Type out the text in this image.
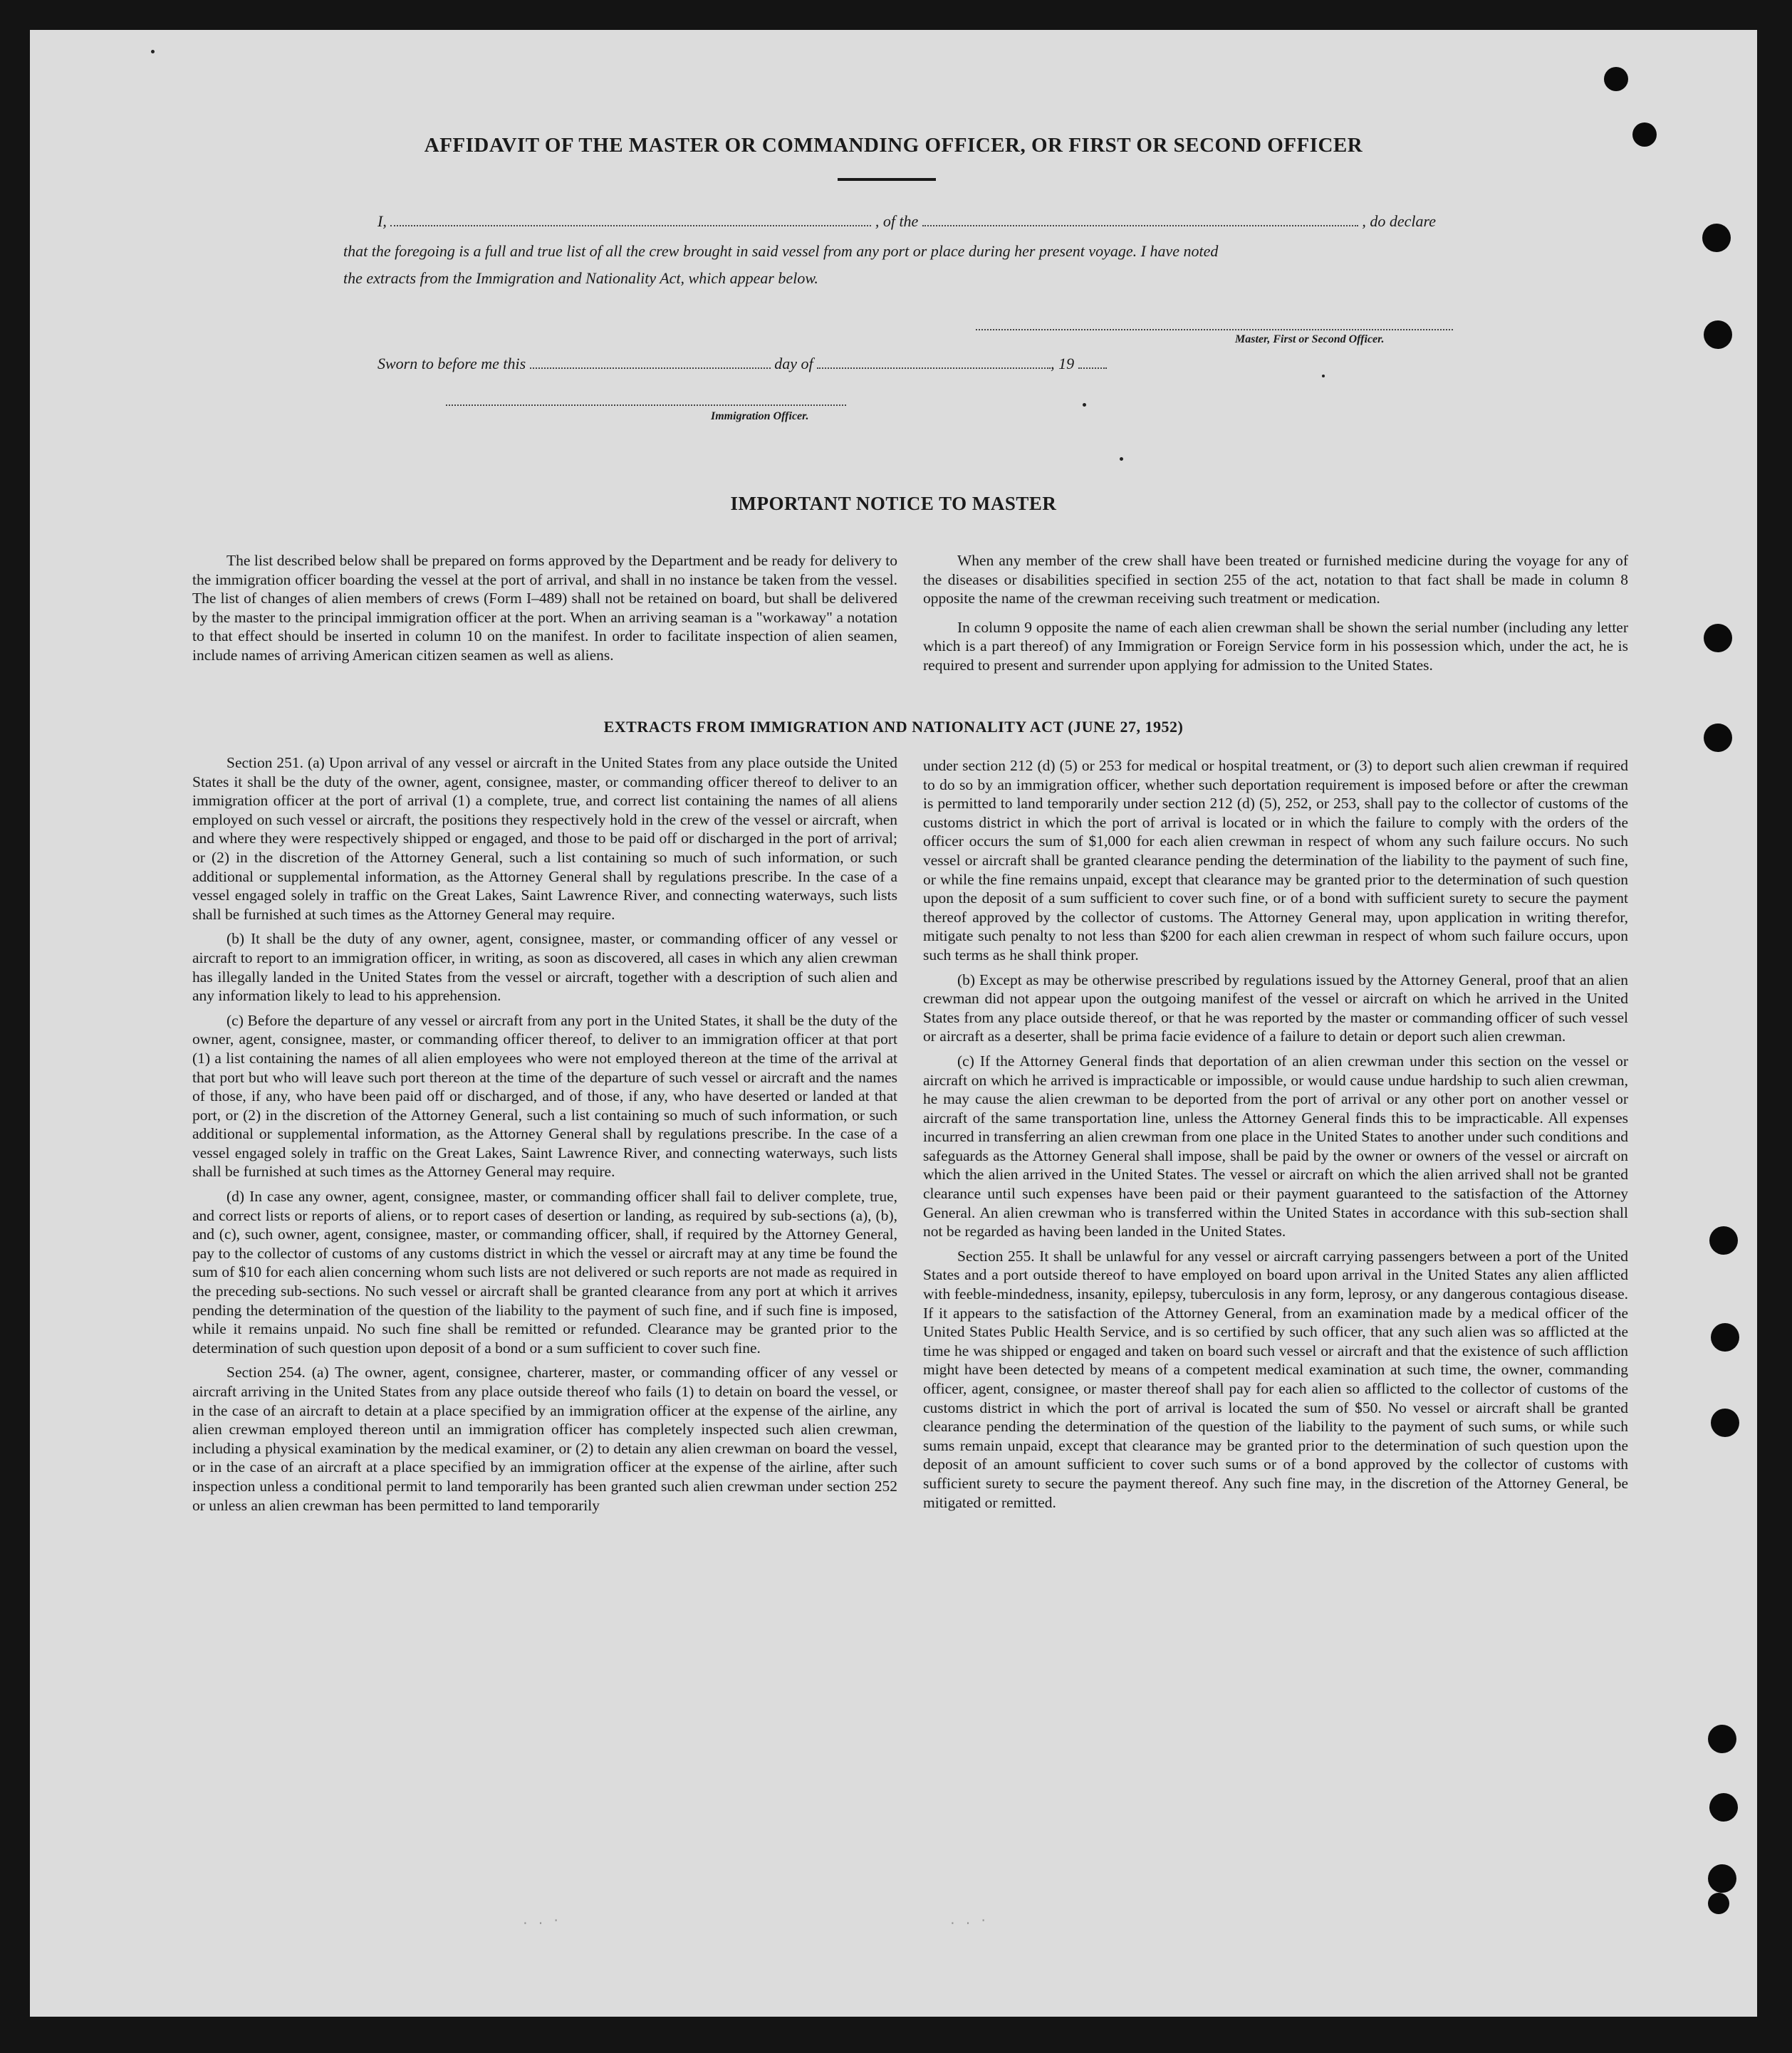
AFFIDAVIT OF THE MASTER OR COMMANDING OFFICER, OR FIRST OR SECOND OFFICER
I,	, of the	, do declare
that the foregoing is a full and true list of all the crew brought in said vessel from any port or place during her present voyage. I have noted
the extracts from the Immigration and Nationality Act, which appear below.
Master, First or Second Officer.
Sworn to before me this	day of	, 19
Immigration Officer.
IMPORTANT NOTICE TO MASTER

The list described below shall be prepared on forms approved by the Department and be ready for delivery to the immigration officer boarding the vessel at the port of arrival, and shall in no instance be taken from the vessel. The list of changes of alien members of crews (Form I–489) shall not be retained on board, but shall be delivered by the master to the principal immigration officer at the port. When an arriving seaman is a "workaway" a notation to that effect should be inserted in column 10 on the manifest. In order to facilitate inspection of alien seamen, include names of arriving American citizen seamen as well as aliens.

When any member of the crew shall have been treated or furnished medicine during the voyage for any of the diseases or disabilities specified in section 255 of the act, notation to that fact shall be made in column 8 opposite the name of the crewman receiving such treatment or medication.

In column 9 opposite the name of each alien crewman shall be shown the serial number (including any letter which is a part thereof) of any Immigration or Foreign Service form in his possession which, under the act, he is required to present and surrender upon applying for admission to the United States.

EXTRACTS FROM IMMIGRATION AND NATIONALITY ACT (JUNE 27, 1952)

Section 251. (a) Upon arrival of any vessel or aircraft in the United States from any place outside the United States it shall be the duty of the owner, agent, consignee, master, or commanding officer thereof to deliver to an immigration officer at the port of arrival (1) a complete, true, and correct list containing the names of all aliens employed on such vessel or aircraft, the positions they respectively hold in the crew of the vessel or aircraft, when and where they were respectively shipped or engaged, and those to be paid off or discharged in the port of arrival; or (2) in the discretion of the Attorney General, such a list containing so much of such information, or such additional or supplemental information, as the Attorney General shall by regulations prescribe. In the case of a vessel engaged solely in traffic on the Great Lakes, Saint Lawrence River, and connecting waterways, such lists shall be furnished at such times as the Attorney General may require.

(b) It shall be the duty of any owner, agent, consignee, master, or commanding officer of any vessel or aircraft to report to an immigration officer, in writing, as soon as discovered, all cases in which any alien crewman has illegally landed in the United States from the vessel or aircraft, together with a description of such alien and any information likely to lead to his apprehension.

(c) Before the departure of any vessel or aircraft from any port in the United States, it shall be the duty of the owner, agent, consignee, master, or commanding officer thereof, to deliver to an immigration officer at that port (1) a list containing the names of all alien employees who were not employed thereon at the time of the arrival at that port but who will leave such port thereon at the time of the departure of such vessel or aircraft and the names of those, if any, who have been paid off or discharged, and of those, if any, who have deserted or landed at that port, or (2) in the discretion of the Attorney General, such a list containing so much of such information, or such additional or supplemental information, as the Attorney General shall by regulations prescribe. In the case of a vessel engaged solely in traffic on the Great Lakes, Saint Lawrence River, and connecting waterways, such lists shall be furnished at such times as the Attorney General may require.

(d) In case any owner, agent, consignee, master, or commanding officer shall fail to deliver complete, true, and correct lists or reports of aliens, or to report cases of desertion or landing, as required by sub-sections (a), (b), and (c), such owner, agent, consignee, master, or commanding officer, shall, if required by the Attorney General, pay to the collector of customs of any customs district in which the vessel or aircraft may at any time be found the sum of $10 for each alien concerning whom such lists are not delivered or such reports are not made as required in the preceding sub-sections. No such vessel or aircraft shall be granted clearance from any port at which it arrives pending the determination of the question of the liability to the payment of such fine, and if such fine is imposed, while it remains unpaid. No such fine shall be remitted or refunded. Clearance may be granted prior to the determination of such question upon deposit of a bond or a sum sufficient to cover such fine.

Section 254. (a) The owner, agent, consignee, charterer, master, or commanding officer of any vessel or aircraft arriving in the United States from any place outside thereof who fails (1) to detain on board the vessel, or in the case of an aircraft to detain at a place specified by an immigration officer at the expense of the airline, any alien crewman employed thereon until an immigration officer has completely inspected such alien crewman, including a physical examination by the medical examiner, or (2) to detain any alien crewman on board the vessel, or in the case of an aircraft at a place specified by an immigration officer at the expense of the airline, after such inspection unless a conditional permit to land temporarily has been granted such alien crewman under section 252 or unless an alien crewman has been permitted to land temporarily

under section 212 (d) (5) or 253 for medical or hospital treatment, or (3) to deport such alien crewman if required to do so by an immigration officer, whether such deportation requirement is imposed before or after the crewman is permitted to land temporarily under section 212 (d) (5), 252, or 253, shall pay to the collector of customs of the customs district in which the port of arrival is located or in which the failure to comply with the orders of the officer occurs the sum of $1,000 for each alien crewman in respect of whom any such failure occurs. No such vessel or aircraft shall be granted clearance pending the determination of the liability to the payment of such fine, or while the fine remains unpaid, except that clearance may be granted prior to the determination of such question upon the deposit of a sum sufficient to cover such fine, or of a bond with sufficient surety to secure the payment thereof approved by the collector of customs. The Attorney General may, upon application in writing therefor, mitigate such penalty to not less than $200 for each alien crewman in respect of whom such failure occurs, upon such terms as he shall think proper.

(b) Except as may be otherwise prescribed by regulations issued by the Attorney General, proof that an alien crewman did not appear upon the outgoing manifest of the vessel or aircraft on which he arrived in the United States from any place outside thereof, or that he was reported by the master or commanding officer of such vessel or aircraft as a deserter, shall be prima facie evidence of a failure to detain or deport such alien crewman.

(c) If the Attorney General finds that deportation of an alien crewman under this section on the vessel or aircraft on which he arrived is impracticable or impossible, or would cause undue hardship to such alien crewman, he may cause the alien crewman to be deported from the port of arrival or any other port on another vessel or aircraft of the same transportation line, unless the Attorney General finds this to be impracticable. All expenses incurred in transferring an alien crewman from one place in the United States to another under such conditions and safeguards as the Attorney General shall impose, shall be paid by the owner or owners of the vessel or aircraft on which the alien arrived in the United States. The vessel or aircraft on which the alien arrived shall not be granted clearance until such expenses have been paid or their payment guaranteed to the satisfaction of the Attorney General. An alien crewman who is transferred within the United States in accordance with this sub-section shall not be regarded as having been landed in the United States.

Section 255. It shall be unlawful for any vessel or aircraft carrying passengers between a port of the United States and a port outside thereof to have employed on board upon arrival in the United States any alien afflicted with feeble-mindedness, insanity, epilepsy, tuberculosis in any form, leprosy, or any dangerous contagious disease. If it appears to the satisfaction of the Attorney General, from an examination made by a medical officer of the United States Public Health Service, and is so certified by such officer, that any such alien was so afflicted at the time he was shipped or engaged and taken on board such vessel or aircraft and that the existence of such affliction might have been detected by means of a competent medical examination at such time, the owner, commanding officer, agent, consignee, or master thereof shall pay for each alien so afflicted to the collector of customs of the customs district in which the port of arrival is located the sum of $50. No vessel or aircraft shall be granted clearance pending the determination of the question of the liability to the payment of such sums, or while such sums remain unpaid, except that clearance may be granted prior to the determination of such question upon the deposit of an amount sufficient to cover such sums or of a bond approved by the collector of customs with sufficient surety to secure the payment thereof. Any such fine may, in the discretion of the Attorney General, be mitigated or remitted.

. . ·	. . ·
